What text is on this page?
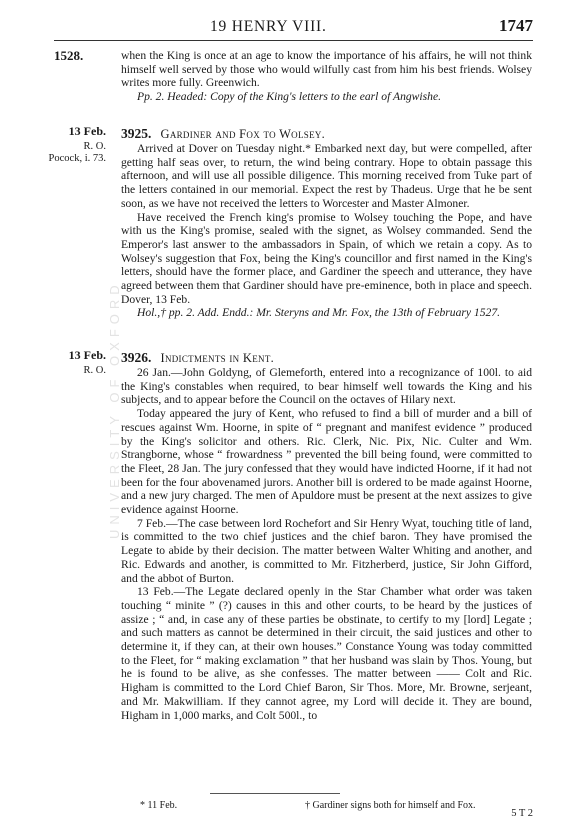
UNIVERSITY OF OXFORD
19 HENRY VIII.	1747
1528.	when the King is once at an age to know the importance of his affairs, he will not think himself well served by those who would wilfully cast from him his best friends. Wolsey writes more fully. Greenwich.

Pp. 2. Headed: Copy of the King's letters to the earl of Angwishe.

13 Feb.
R. O.
Pocock, i. 73.
3925. Gardiner and Fox to Wolsey.

Arrived at Dover on Tuesday night.* Embarked next day, but were compelled, after getting half seas over, to return, the wind being contrary. Hope to obtain passage this afternoon, and will use all possible diligence. This morning received from Tuke part of the letters contained in our memorial. Expect the rest by Thadeus. Urge that he be sent soon, as we have not received the letters to Worcester and Master Almoner.

Have received the French king's promise to Wolsey touching the Pope, and have with us the King's promise, sealed with the signet, as Wolsey commanded. Send the Emperor's last answer to the ambassadors in Spain, of which we retain a copy. As to Wolsey's suggestion that Fox, being the King's councillor and first named in the King's letters, should have the former place, and Gardiner the speech and utterance, they have agreed between them that Gardiner should have pre-eminence, both in place and speech. Dover, 13 Feb.

Hol.,† pp. 2. Add. Endd.: Mr. Steryns and Mr. Fox, the 13th of February 1527.

13 Feb.
R. O.
3926. Indictments in Kent.

26 Jan.—John Goldyng, of Glemeforth, entered into a recognizance of 100l. to aid the King's constables when required, to bear himself well towards the King and his subjects, and to appear before the Council on the octaves of Hilary next.

Today appeared the jury of Kent, who refused to find a bill of murder and a bill of rescues against Wm. Hoorne, in spite of “ pregnant and manifest evidence ” produced by the King's solicitor and others. Ric. Clerk, Nic. Pix, Nic. Culter and Wm. Strangborne, whose “ frowardness ” prevented the bill being found, were committed to the Fleet, 28 Jan. The jury confessed that they would have indicted Hoorne, if it had not been for the four abovenamed jurors. Another bill is ordered to be made against Hoorne, and a new jury charged. The men of Apuldore must be present at the next assizes to give evidence against Hoorne.

7 Feb.—The case between lord Rochefort and Sir Henry Wyat, touching title of land, is committed to the two chief justices and the chief baron. They have promised the Legate to abide by their decision. The matter between Walter Whiting and another, and Ric. Edwards and another, is committed to Mr. Fitzherberd, justice, Sir John Gifford, and the abbot of Burton.

13 Feb.—The Legate declared openly in the Star Chamber what order was taken touching “ minite ” (?) causes in this and other courts, to be heard by the justices of assize ; “ and, in case any of these parties be obstinate, to certify to my [lord] Legate ; and such matters as cannot be determined in their circuit, the said justices and other to determine it, if they can, at their own houses.” Constance Young was today committed to the Fleet, for “ making exclamation ” that her husband was slain by Thos. Young, but he is found to be alive, as she confesses. The matter between —— Colt and Ric. Higham is committed to the Lord Chief Baron, Sir Thos. More, Mr. Browne, serjeant, and Mr. Makwilliam. If they cannot agree, my Lord will decide it. They are bound, Higham in 1,000 marks, and Colt 500l., to

* 11 Feb.	† Gardiner signs both for himself and Fox.
5 T 2
